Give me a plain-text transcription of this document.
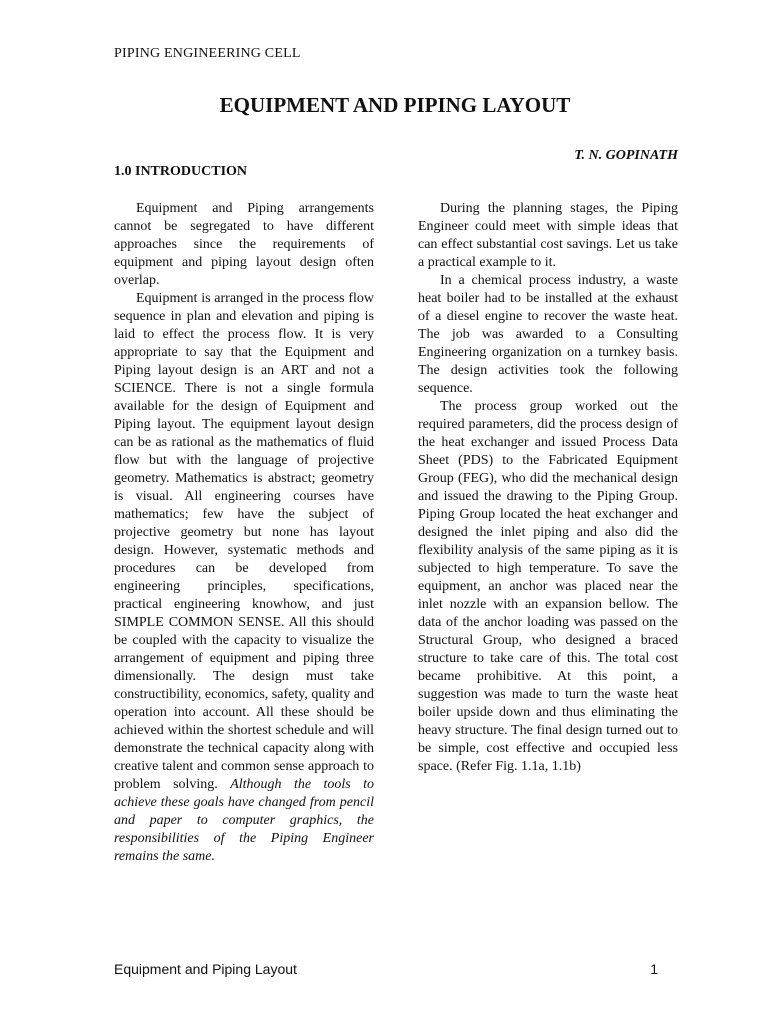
PIPING ENGINEERING CELL
EQUIPMENT AND PIPING LAYOUT
T. N. GOPINATH
1.0 INTRODUCTION

Equipment and Piping arrangements cannot be segregated to have different approaches since the requirements of equipment and piping layout design often overlap.

Equipment is arranged in the process flow sequence in plan and elevation and piping is laid to effect the process flow. It is very appropriate to say that the Equipment and Piping layout design is an ART and not a SCIENCE. There is not a single formula available for the design of Equipment and Piping layout. The equipment layout design can be as rational as the mathematics of fluid flow but with the language of projective geometry. Mathematics is abstract; geometry is visual. All engineering courses have mathematics; few have the subject of projective geometry but none has layout design. However, systematic methods and procedures can be developed from engineering principles, specifications, practical engineering knowhow, and just SIMPLE COMMON SENSE. All this should be coupled with the capacity to visualize the arrangement of equipment and piping three dimensionally. The design must take constructibility, economics, safety, quality and operation into account. All these should be achieved within the shortest schedule and will demonstrate the technical capacity along with creative talent and common sense approach to problem solving. Although the tools to achieve these goals have changed from pencil and paper to computer graphics, the responsibilities of the Piping Engineer remains the same.

During the planning stages, the Piping Engineer could meet with simple ideas that can effect substantial cost savings. Let us take a practical example to it.

In a chemical process industry, a waste heat boiler had to be installed at the exhaust of a diesel engine to recover the waste heat. The job was awarded to a Consulting Engineering organization on a turnkey basis. The design activities took the following sequence.

The process group worked out the required parameters, did the process design of the heat exchanger and issued Process Data Sheet (PDS) to the Fabricated Equipment Group (FEG), who did the mechanical design and issued the drawing to the Piping Group. Piping Group located the heat exchanger and designed the inlet piping and also did the flexibility analysis of the same piping as it is subjected to high temperature. To save the equipment, an anchor was placed near the inlet nozzle with an expansion bellow. The data of the anchor loading was passed on the Structural Group, who designed a braced structure to take care of this. The total cost became prohibitive. At this point, a suggestion was made to turn the waste heat boiler upside down and thus eliminating the heavy structure. The final design turned out to be simple, cost effective and occupied less space. (Refer Fig. 1.1a, 1.1b)

Equipment and Piping Layout	1
